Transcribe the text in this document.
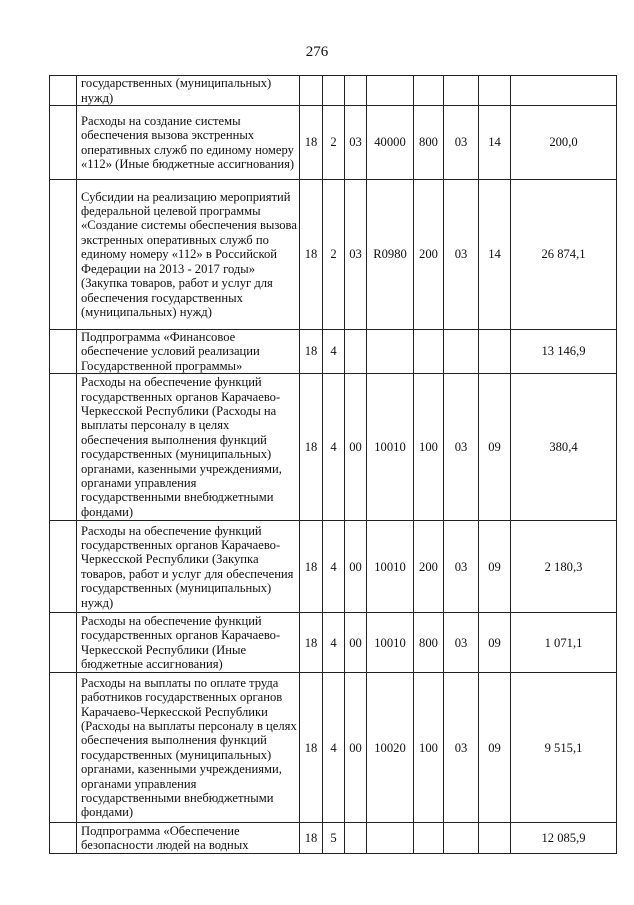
276
	государственных (муниципальных) нужд)								
	Расходы на создание системы обеспечения вызова экстренных оперативных служб по единому номеру «112» (Иные бюджетные ассигнования)	18	2	03	40000	800	03	14	200,0
	Субсидии на реализацию мероприятий федеральной целевой программы «Создание системы обеспечения вызова экстренных оперативных служб по единому номеру «112» в Российской Федерации на 2013 - 2017 годы» (Закупка товаров, работ и услуг для обеспечения государственных (муниципальных) нужд)	18	2	03	R0980	200	03	14	26 874,1
	Подпрограмма «Финансовое обеспечение условий реализации Государственной программы»	18	4						13 146,9
	Расходы на обеспечение функций государственных органов Карачаево-Черкесской Республики (Расходы на выплаты персоналу в целях обеспечения выполнения функций государственных (муниципальных) органами, казенными учреждениями, органами управления государственными внебюджетными фондами)	18	4	00	10010	100	03	09	380,4
	Расходы на обеспечение функций государственных органов Карачаево-Черкесской Республики (Закупка товаров, работ и услуг для обеспечения государственных (муниципальных) нужд)	18	4	00	10010	200	03	09	2 180,3
	Расходы на обеспечение функций государственных органов Карачаево-Черкесской Республики (Иные бюджетные ассигнования)	18	4	00	10010	800	03	09	1 071,1
	Расходы на выплаты по оплате труда работников государственных органов Карачаево-Черкесской Республики (Расходы на выплаты персоналу в целях обеспечения выполнения функций государственных (муниципальных) органами, казенными учреждениями, органами управления государственными внебюджетными фондами)	18	4	00	10020	100	03	09	9 515,1
	Подпрограмма «Обеспечение безопасности людей на водных	18	5						12 085,9
